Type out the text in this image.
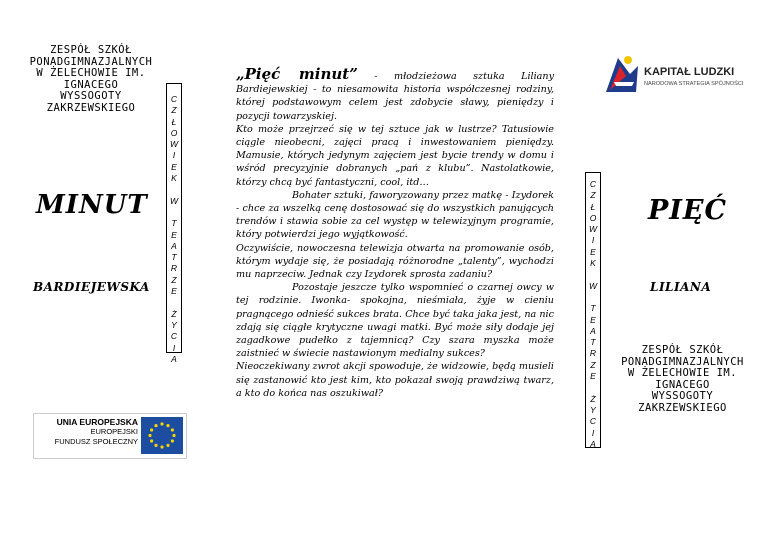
ZESPÓŁ SZKÓŁ
PONADGIMNAZJALNYCH
W ŻELECHOWIE IM.
IGNACEGO
WYSSOGOTY
ZAKRZEWSKIEGO
MINUT
BARDIEJEWSKA
UNIA EUROPEJSKA
EUROPEJSKI
FUNDUSZ SPOŁECZNY
C
Z
Ł
O
W
I
E
K

W

T
E
A
T
R
Z
E

Ż
Y
C
I
A

„Pięć minut” - młodzieżowa sztuka Liliany Bardiejewskiej - to niesamowita historia współczesnej rodziny, której podstawowym celem jest zdobycie sławy, pieniędzy i pozycji towarzyskiej.

Kto może przejrzeć się w tej sztuce jak w lustrze? Tatusiowie ciągle nieobecni, zajęci pracą i inwestowaniem pieniędzy. Mamusie, których jedynym zajęciem jest bycie trendy w domu i wśród precyzyjnie dobranych „pań z klubu”. Nastolatkowie, którzy chcą być fantastyczni, cool, itd…

Bohater sztuki, faworyzowany przez matkę - Izydorek - chce za wszelką cenę dostosować się do wszystkich panujących trendów i stawia sobie za cel występ w telewizyjnym programie, który potwierdzi jego wyjątkowość.

Oczywiście, nowoczesna telewizja otwarta na promowanie osób, którym wydaje się, że posiadają różnorodne „talenty”, wychodzi mu naprzeciw. Jednak czy Izydorek sprosta zadaniu?

Pozostaje jeszcze tylko wspomnieć o czarnej owcy w tej rodzinie. Iwonka- spokojna, nieśmiała, żyje w cieniu pragnącego odnieść sukces brata. Chce być taka jaka jest, na nic zdają się ciągłe krytyczne uwagi matki. Być może siły dodaje jej zagadkowe pudełko z tajemnicą? Czy szara myszka może zaistnieć w świecie nastawionym medialny sukces?

Nieoczekiwany zwrot akcji spowoduje, że widzowie, będą musieli się zastanowić kto jest kim, kto pokazał swoją prawdziwą twarz, a kto do końca nas oszukiwał?

C
Z
Ł
O
W
I
E
K

W

T
E
A
T
R
Z
E

Ż
Y
C
I
A
KAPITAŁ LUDZKI
NARODOWA STRATEGIA SPÓJNOŚCI
PIĘĆ
LILIANA
ZESPÓŁ SZKÓŁ
PONADGIMNAZJALNYCH
W ŻELECHOWIE IM.
IGNACEGO
WYSSOGOTY
ZAKRZEWSKIEGO
